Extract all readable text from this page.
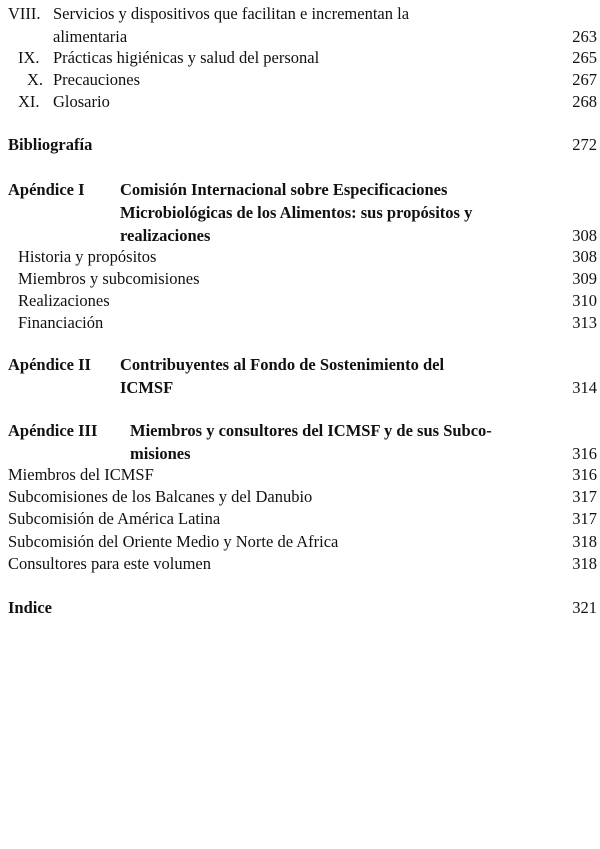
VIII. Servicios y dispositivos que facilitan e incrementan la
alimentaria	263
IX. Prácticas higiénicas y salud del personal	265
X. Precauciones	267
XI. Glosario	268
Bibliografía	272
Apéndice I Comisión Internacional sobre Especificaciones
Microbiológicas de los Alimentos: sus propósitos y
realizaciones	308
Historia y propósitos	308
Miembros y subcomisiones	309
Realizaciones	310
Financiación	313
Apéndice II Contribuyentes al Fondo de Sostenimiento del
ICMSF	314
Apéndice III Miembros y consultores del ICMSF y de sus Subco-
misiones	316
Miembros del ICMSF	316
Subcomisiones de los Balcanes y del Danubio	317
Subcomisión de América Latina	317
Subcomisión del Oriente Medio y Norte de Africa	318
Consultores para este volumen	318
Indice	321
